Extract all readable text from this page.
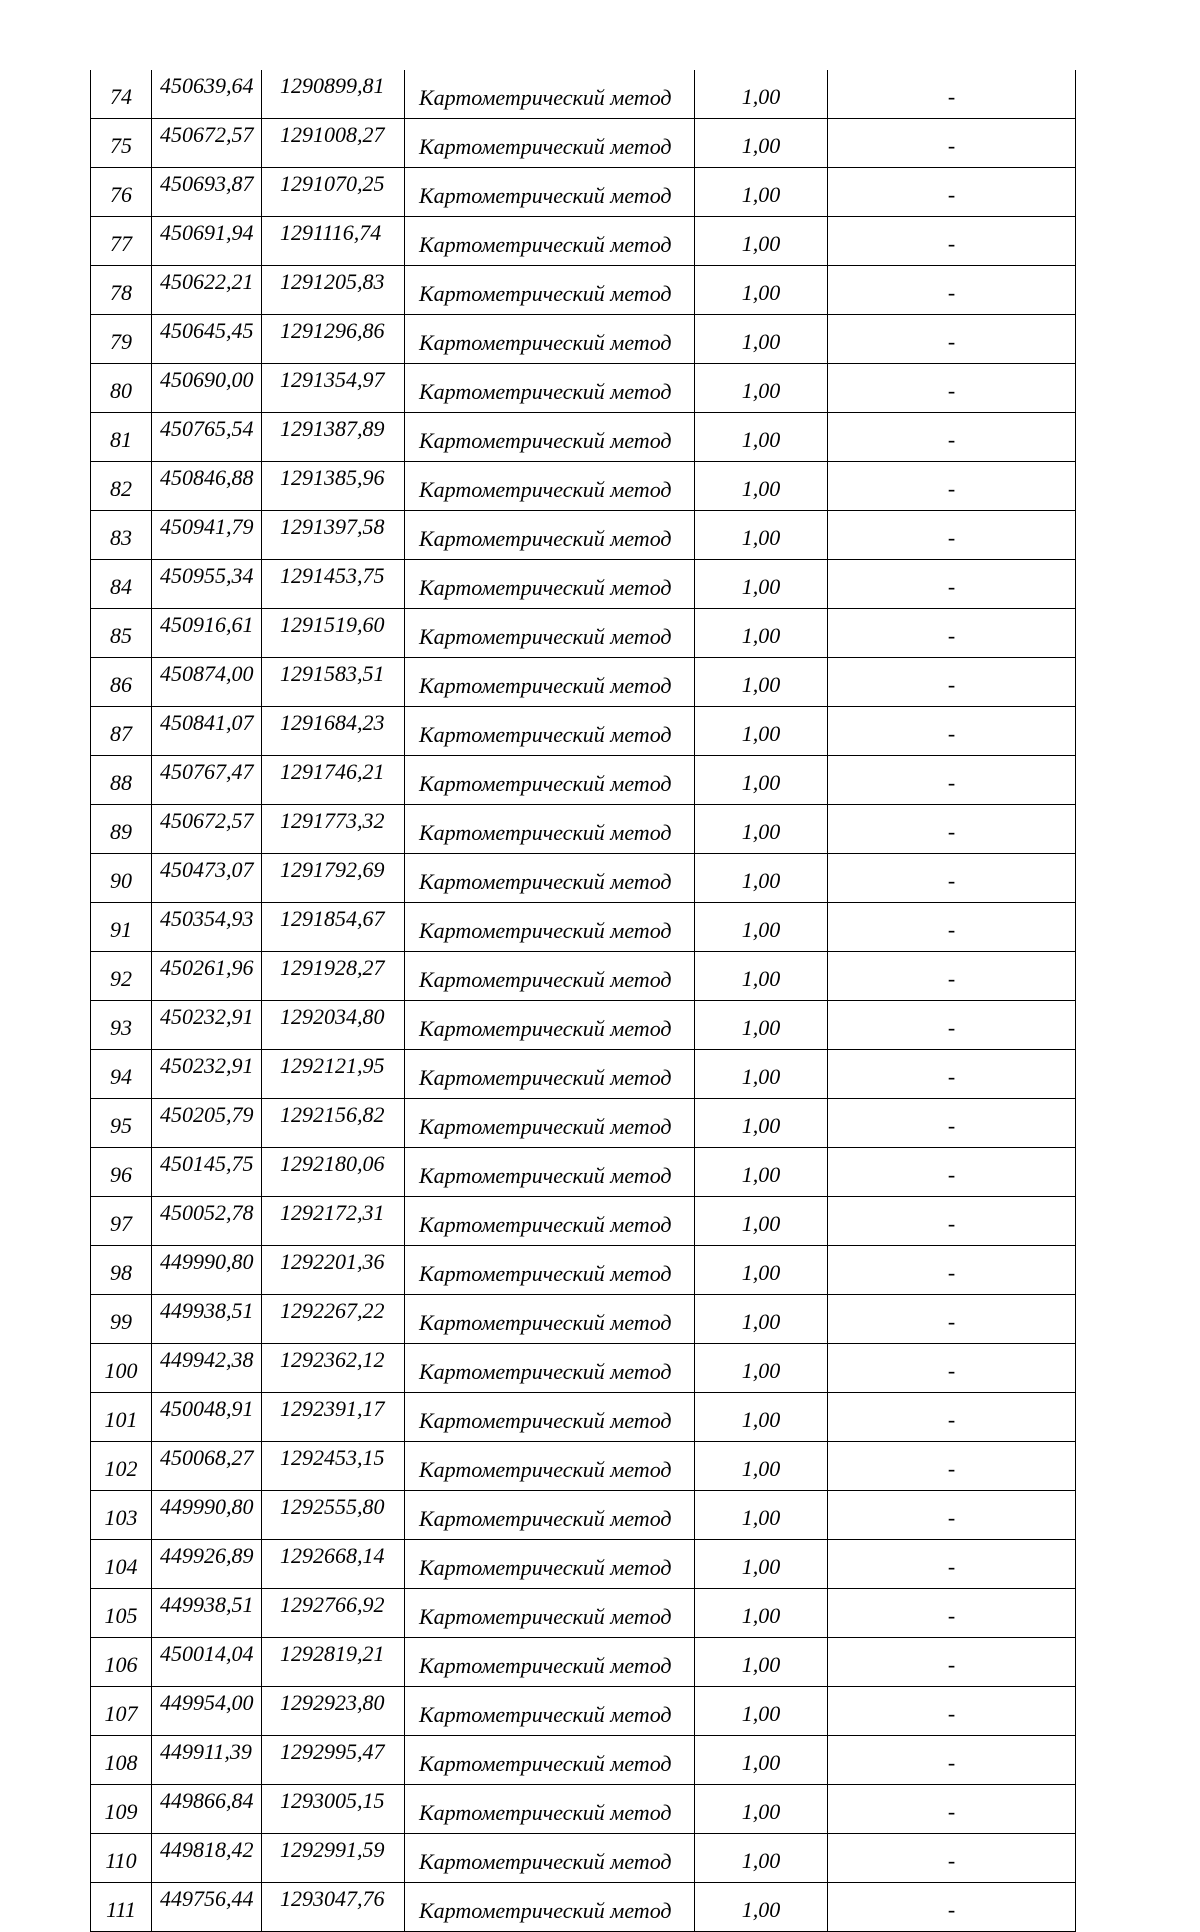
74	450639,64	1290899,81	Картометрический метод	1,00	-
75	450672,57	1291008,27	Картометрический метод	1,00	-
76	450693,87	1291070,25	Картометрический метод	1,00	-
77	450691,94	1291116,74	Картометрический метод	1,00	-
78	450622,21	1291205,83	Картометрический метод	1,00	-
79	450645,45	1291296,86	Картометрический метод	1,00	-
80	450690,00	1291354,97	Картометрический метод	1,00	-
81	450765,54	1291387,89	Картометрический метод	1,00	-
82	450846,88	1291385,96	Картометрический метод	1,00	-
83	450941,79	1291397,58	Картометрический метод	1,00	-
84	450955,34	1291453,75	Картометрический метод	1,00	-
85	450916,61	1291519,60	Картометрический метод	1,00	-
86	450874,00	1291583,51	Картометрический метод	1,00	-
87	450841,07	1291684,23	Картометрический метод	1,00	-
88	450767,47	1291746,21	Картометрический метод	1,00	-
89	450672,57	1291773,32	Картометрический метод	1,00	-
90	450473,07	1291792,69	Картометрический метод	1,00	-
91	450354,93	1291854,67	Картометрический метод	1,00	-
92	450261,96	1291928,27	Картометрический метод	1,00	-
93	450232,91	1292034,80	Картометрический метод	1,00	-
94	450232,91	1292121,95	Картометрический метод	1,00	-
95	450205,79	1292156,82	Картометрический метод	1,00	-
96	450145,75	1292180,06	Картометрический метод	1,00	-
97	450052,78	1292172,31	Картометрический метод	1,00	-
98	449990,80	1292201,36	Картометрический метод	1,00	-
99	449938,51	1292267,22	Картометрический метод	1,00	-
100	449942,38	1292362,12	Картометрический метод	1,00	-
101	450048,91	1292391,17	Картометрический метод	1,00	-
102	450068,27	1292453,15	Картометрический метод	1,00	-
103	449990,80	1292555,80	Картометрический метод	1,00	-
104	449926,89	1292668,14	Картометрический метод	1,00	-
105	449938,51	1292766,92	Картометрический метод	1,00	-
106	450014,04	1292819,21	Картометрический метод	1,00	-
107	449954,00	1292923,80	Картометрический метод	1,00	-
108	449911,39	1292995,47	Картометрический метод	1,00	-
109	449866,84	1293005,15	Картометрический метод	1,00	-
110	449818,42	1292991,59	Картометрический метод	1,00	-
111	449756,44	1293047,76	Картометрический метод	1,00	-
